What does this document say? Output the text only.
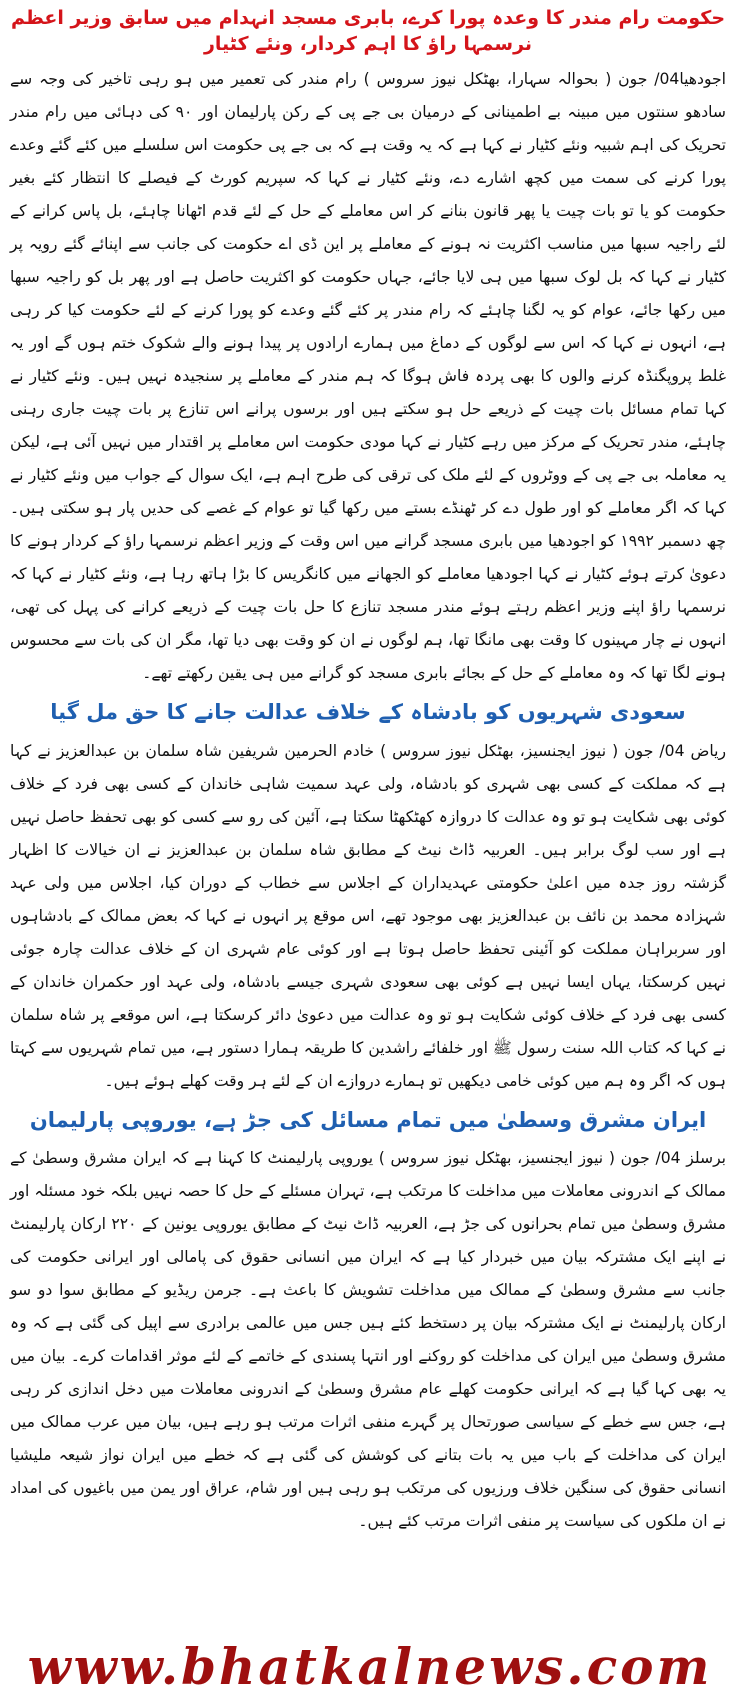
حکومت رام مندر کا وعدہ پورا کرے، بابری مسجد انہدام میں سابق وزیر اعظم نرسمہا راؤ کا اہم کردار، ونئے کٹیار

اجودھیا04/ جون ( بحوالہ سہارا، بھٹکل نیوز سروس ) رام مندر کی تعمیر میں ہو رہی تاخیر کی وجہ سے سادھو سنتوں میں مبینہ بے اطمینانی کے درمیان بی جے پی کے رکن پارلیمان اور ۹۰ کی دہائی میں رام مندر تحریک کی اہم شبیہ ونئے کٹیار نے کہا ہے کہ یہ وقت ہے کہ بی جے پی حکومت اس سلسلے میں کئے گئے وعدے پورا کرنے کی سمت میں کچھ اشارے دے، ونئے کٹیار نے کہا کہ سپریم کورٹ کے فیصلے کا انتظار کئے بغیر حکومت کو یا تو بات چیت یا پھر قانون بنانے کر اس معاملے کے حل کے لئے قدم اٹھانا چاہئے، بل پاس کرانے کے لئے راجیہ سبھا میں مناسب اکثریت نہ ہونے کے معاملے پر این ڈی اے حکومت کی جانب سے اپنائے گئے رویہ پر کٹیار نے کہا کہ بل لوک سبھا میں ہی لایا جائے، جہاں حکومت کو اکثریت حاصل ہے اور پھر بل کو راجیہ سبھا میں رکھا جائے، عوام کو یہ لگنا چاہئے کہ رام مندر پر کئے گئے وعدے کو پورا کرنے کے لئے حکومت کیا کر رہی ہے، انہوں نے کہا کہ اس سے لوگوں کے دماغ میں ہمارے ارادوں پر پیدا ہونے والے شکوک ختم ہوں گے اور یہ غلط پروپگنڈہ کرنے والوں کا بھی پردہ فاش ہوگا کہ ہم مندر کے معاملے پر سنجیدہ نہیں ہیں۔ ونئے کٹیار نے کہا تمام مسائل بات چیت کے ذریعے حل ہو سکتے ہیں اور برسوں پرانے اس تنازع پر بات چیت جاری رہنی چاہئے، مندر تحریک کے مرکز میں رہے کٹیار نے کہا مودی حکومت اس معاملے پر اقتدار میں نہیں آئی ہے، لیکن یہ معاملہ بی جے پی کے ووٹروں کے لئے ملک کی ترقی کی طرح اہم ہے، ایک سوال کے جواب میں ونئے کٹیار نے کہا کہ اگر معاملے کو اور طول دے کر ٹھنڈے بستے میں رکھا گیا تو عوام کے غصے کی حدیں پار ہو سکتی ہیں۔ چھ دسمبر ۱۹۹۲ کو اجودھیا میں بابری مسجد گرانے میں اس وقت کے وزیر اعظم نرسمہا راؤ کے کردار ہونے کا دعویٰ کرتے ہوئے کٹیار نے کہا اجودھیا معاملے کو الجھانے میں کانگریس کا بڑا ہاتھ رہا ہے، ونئے کٹیار نے کہا کہ نرسمہا راؤ اپنے وزیر اعظم رہتے ہوئے مندر مسجد تنازع کا حل بات چیت کے ذریعے کرانے کی پہل کی تھی، انہوں نے چار مہینوں کا وقت بھی مانگا تھا، ہم لوگوں نے ان کو وقت بھی دیا تھا، مگر ان کی بات سے محسوس ہونے لگا تھا کہ وہ معاملے کے حل کے بجائے بابری مسجد کو گرانے میں ہی یقین رکھتے تھے۔

سعودی شہریوں کو بادشاہ کے خلاف عدالت جانے کا حق مل گیا

ریاض 04/ جون ( نیوز ایجنسیز، بھٹکل نیوز سروس ) خادم الحرمین شریفین شاہ سلمان بن عبدالعزیز نے کہا ہے کہ مملکت کے کسی بھی شہری کو بادشاہ، ولی عہد سمیت شاہی خاندان کے کسی بھی فرد کے خلاف کوئی بھی شکایت ہو تو وہ عدالت کا دروازہ کھٹکھٹا سکتا ہے، آئین کی رو سے کسی کو بھی تحفظ حاصل نہیں ہے اور سب لوگ برابر ہیں۔ العربیہ ڈاٹ نیٹ کے مطابق شاہ سلمان بن عبدالعزیز نے ان خیالات کا اظہار گزشتہ روز جدہ میں اعلیٰ حکومتی عہدیداران کے اجلاس سے خطاب کے دوران کیا، اجلاس میں ولی عہد شہزادہ محمد بن نائف بن عبدالعزیز بھی موجود تھے، اس موقع پر انہوں نے کہا کہ بعض ممالک کے بادشاہوں اور سربراہان مملکت کو آئینی تحفظ حاصل ہوتا ہے اور کوئی عام شہری ان کے خلاف عدالت چارہ جوئی نہیں کرسکتا، یہاں ایسا نہیں ہے کوئی بھی سعودی شہری جیسے بادشاہ، ولی عہد اور حکمران خاندان کے کسی بھی فرد کے خلاف کوئی شکایت ہو تو وہ عدالت میں دعویٰ دائر کرسکتا ہے، اس موقعے پر شاہ سلمان نے کہا کہ کتاب اللہ سنت رسول ﷺ اور خلفائے راشدین کا طریقہ ہمارا دستور ہے، میں تمام شہریوں سے کہتا ہوں کہ اگر وہ ہم میں کوئی خامی دیکھیں تو ہمارے دروازے ان کے لئے ہر وقت کھلے ہوئے ہیں۔

ایران مشرق وسطیٰ میں تمام مسائل کی جڑ ہے، یوروپی پارلیمان

برسلز 04/ جون ( نیوز ایجنسیز، بھٹکل نیوز سروس ) یوروپی پارلیمنٹ کا کہنا ہے کہ ایران مشرق وسطیٰ کے ممالک کے اندرونی معاملات میں مداخلت کا مرتکب ہے، تہران مسئلے کے حل کا حصہ نہیں بلکہ خود مسئلہ اور مشرق وسطیٰ میں تمام بحرانوں کی جڑ ہے، العربیہ ڈاٹ نیٹ کے مطابق یوروپی یونین کے ۲۲۰ ارکان پارلیمنٹ نے اپنے ایک مشترکہ بیان میں خبردار کیا ہے کہ ایران میں انسانی حقوق کی پامالی اور ایرانی حکومت کی جانب سے مشرق وسطیٰ کے ممالک میں مداخلت تشویش کا باعث ہے۔ جرمن ریڈیو کے مطابق سوا دو سو ارکان پارلیمنٹ نے ایک مشترکہ بیان پر دستخط کئے ہیں جس میں عالمی برادری سے اپیل کی گئی ہے کہ وہ مشرق وسطیٰ میں ایران کی مداخلت کو روکنے اور انتہا پسندی کے خاتمے کے لئے موثر اقدامات کرے۔ بیان میں یہ بھی کہا گیا ہے کہ ایرانی حکومت کھلے عام مشرق وسطیٰ کے اندرونی معاملات میں دخل اندازی کر رہی ہے، جس سے خطے کے سیاسی صورتحال پر گہرے منفی اثرات مرتب ہو رہے ہیں، بیان میں عرب ممالک میں ایران کی مداخلت کے باب میں یہ بات بتانے کی کوشش کی گئی ہے کہ خطے میں ایران نواز شیعہ ملیشیا انسانی حقوق کی سنگین خلاف ورزیوں کی مرتکب ہو رہی ہیں اور شام، عراق اور یمن میں باغیوں کی امداد نے ان ملکوں کی سیاست پر منفی اثرات مرتب کئے ہیں۔

www.bhatkalnews.com
